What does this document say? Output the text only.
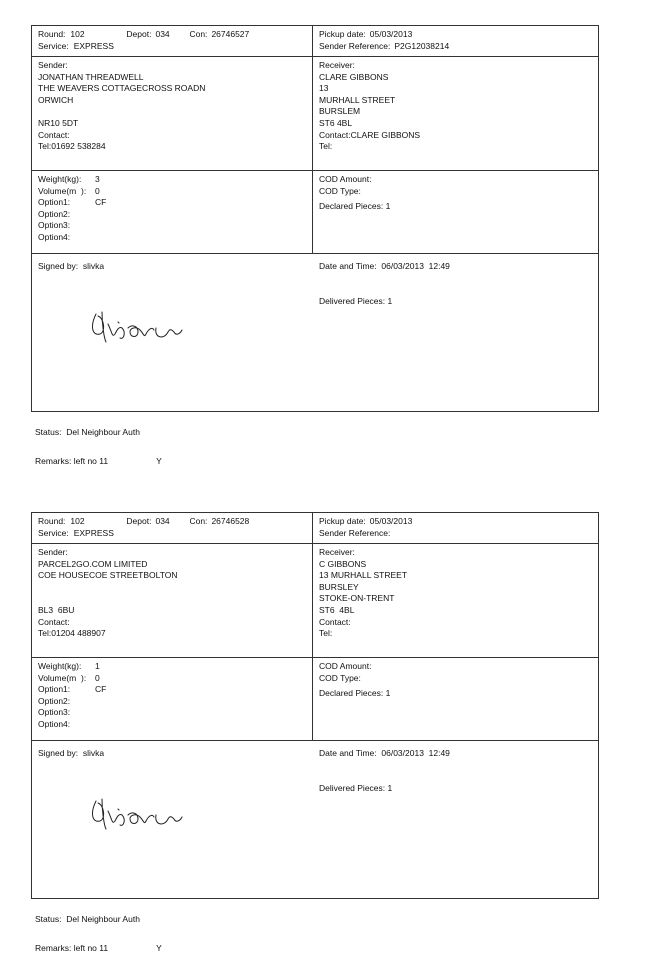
Round: 102	Depot: 034	Con: 26746527
Service: EXPRESS
Pickup date: 05/03/2013
Sender Reference: P2G12038214
Sender:
JONATHAN THREADWELL
THE WEAVERS COTTAGECROSS ROADN
ORWICH
NR10 5DT
Contact:
Tel:01692 538284
Receiver:
CLARE GIBBONS
13
MURHALL STREET
BURSLEM
ST6 4BL
Contact:CLARE GIBBONS
Tel:
Weight(kg):	3
Volume(m  ):	0
Option1:	CF
Option2:
Option3:
Option4:
COD Amount:
COD Type:
Declared Pieces: 1
Signed by: slivka	Date and Time: 06/03/2013  12:49
Delivered Pieces: 1

Status: Del Neighbour Auth

Remarks: left no 11	Y

Round: 102	Depot: 034	Con: 26746528
Service: EXPRESS
Pickup date: 05/03/2013
Sender Reference:
Sender:
PARCEL2GO.COM LIMITED
COE HOUSECOE STREETBOLTON
BL3  6BU
Contact:
Tel:01204 488907
Receiver:
C GIBBONS
13 MURHALL STREET
BURSLEY
STOKE-ON-TRENT
ST6  4BL
Contact:
Tel:
Weight(kg):	1
Volume(m  ):	0
Option1:	CF
Option2:
Option3:
Option4:
COD Amount:
COD Type:
Declared Pieces: 1
Signed by: slivka	Date and Time: 06/03/2013  12:49
Delivered Pieces: 1

Status: Del Neighbour Auth

Remarks: left no 11	Y
